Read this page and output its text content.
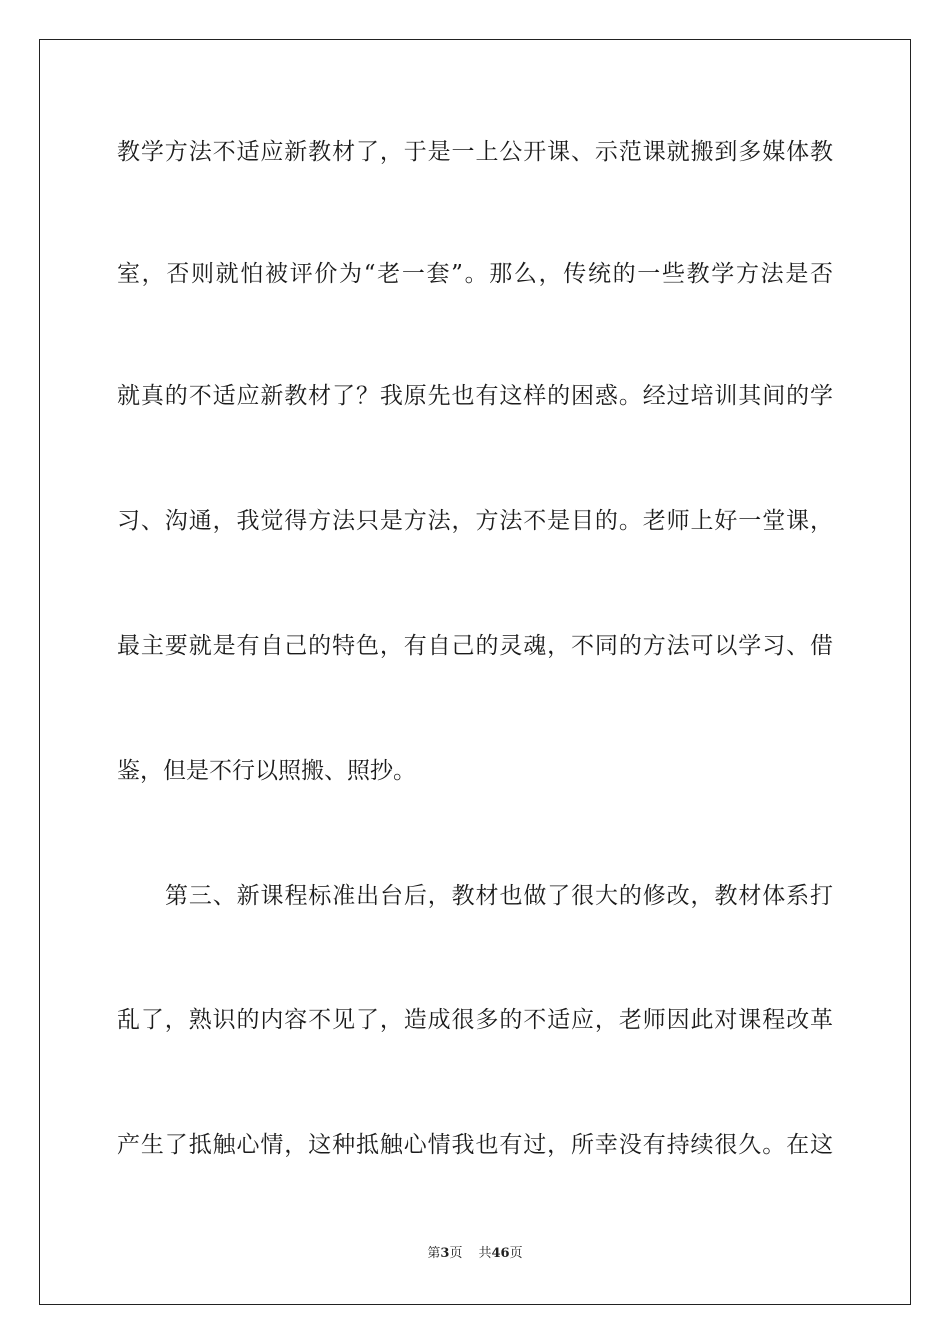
教学方法不适应新教材了，于是一上公开课、示范课就搬到多媒体教
室，否则就怕被评价为“老一套”。那么，传统的一些教学方法是否
就真的不适应新教材了？我原先也有这样的困惑。经过培训其间的学
习、沟通，我觉得方法只是方法，方法不是目的。老师上好一堂课，
最主要就是有自己的特色，有自己的灵魂，不同的方法可以学习、借
鉴，但是不行以照搬、照抄。
第三、新课程标准出台后，教材也做了很大的修改，教材体系打
乱了，熟识的内容不见了，造成很多的不适应，老师因此对课程改革
产生了抵触心情，这种抵触心情我也有过，所幸没有持续很久。在这
第3页 共46页
